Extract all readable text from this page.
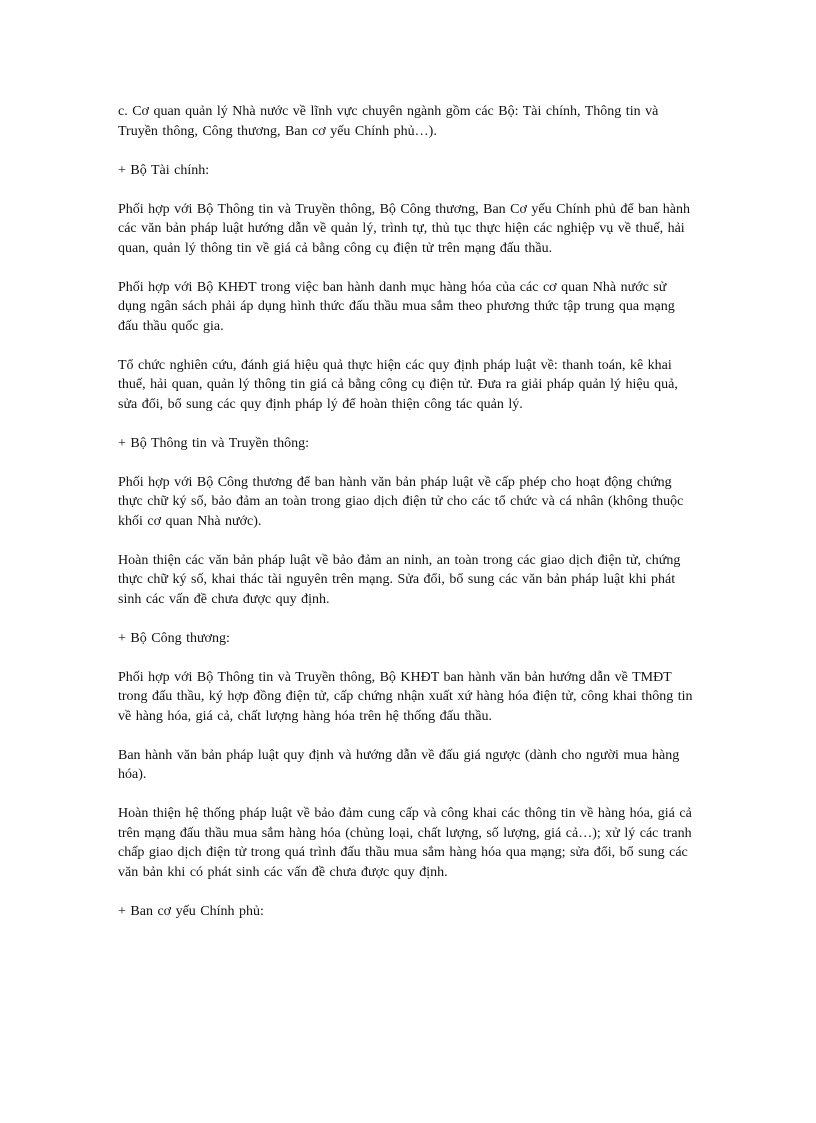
c. Cơ quan quản lý Nhà nước về lĩnh vực chuyên ngành gồm các Bộ: Tài chính, Thông tin và Truyền thông, Công thương, Ban cơ yếu Chính phủ…).

+ Bộ Tài chính:

Phối hợp với Bộ Thông tin và Truyền thông, Bộ Công thương, Ban Cơ yếu Chính phủ để ban hành các văn bản pháp luật hướng dẫn về quản lý, trình tự, thủ tục thực hiện các nghiệp vụ về thuế, hải quan, quản lý thông tin về giá cả bằng công cụ điện tử trên mạng đấu thầu.

Phối hợp với Bộ KHĐT trong việc ban hành danh mục hàng hóa của các cơ quan Nhà nước sử dụng ngân sách phải áp dụng hình thức đấu thầu mua sắm theo phương thức tập trung qua mạng đấu thầu quốc gia.

Tổ chức nghiên cứu, đánh giá hiệu quả thực hiện các quy định pháp luật về: thanh toán, kê khai thuế, hải quan, quản lý thông tin giá cả bằng công cụ điện tử. Đưa ra giải pháp quản lý hiệu quả, sửa đổi, bổ sung các quy định pháp lý để hoàn thiện công tác quản lý.

+ Bộ Thông tin và Truyền thông:

Phối hợp với Bộ Công thương để ban hành văn bản pháp luật về cấp phép cho hoạt động chứng thực chữ ký số, bảo đảm an toàn trong giao dịch điện tử cho các tổ chức và cá nhân (không thuộc khối cơ quan Nhà nước).

Hoàn thiện các văn bản pháp luật về bảo đảm an ninh, an toàn trong các giao dịch điện tử, chứng thực chữ ký số, khai thác tài nguyên trên mạng. Sửa đổi, bổ sung các văn bản pháp luật khi phát sinh các vấn đề chưa được quy định.

+ Bộ Công thương:

Phối hợp với Bộ Thông tin và Truyền thông, Bộ KHĐT ban hành văn bản hướng dẫn về TMĐT trong đấu thầu, ký hợp đồng điện tử, cấp chứng nhận xuất xứ hàng hóa điện tử, công khai thông tin về hàng hóa, giá cả, chất lượng hàng hóa trên hệ thống đấu thầu.

Ban hành văn bản pháp luật quy định và hướng dẫn về đấu giá ngược (dành cho người mua hàng hóa).

Hoàn thiện hệ thống pháp luật về bảo đảm cung cấp và công khai các thông tin về hàng hóa, giá cả trên mạng đấu thầu mua sắm hàng hóa (chủng loại, chất lượng, số lượng, giá cả…); xử lý các tranh chấp giao dịch điện tử trong quá trình đấu thầu mua sắm hàng hóa qua mạng; sửa đổi, bổ sung các văn bản khi có phát sinh các vấn đề chưa được quy định.

+ Ban cơ yếu Chính phủ:
